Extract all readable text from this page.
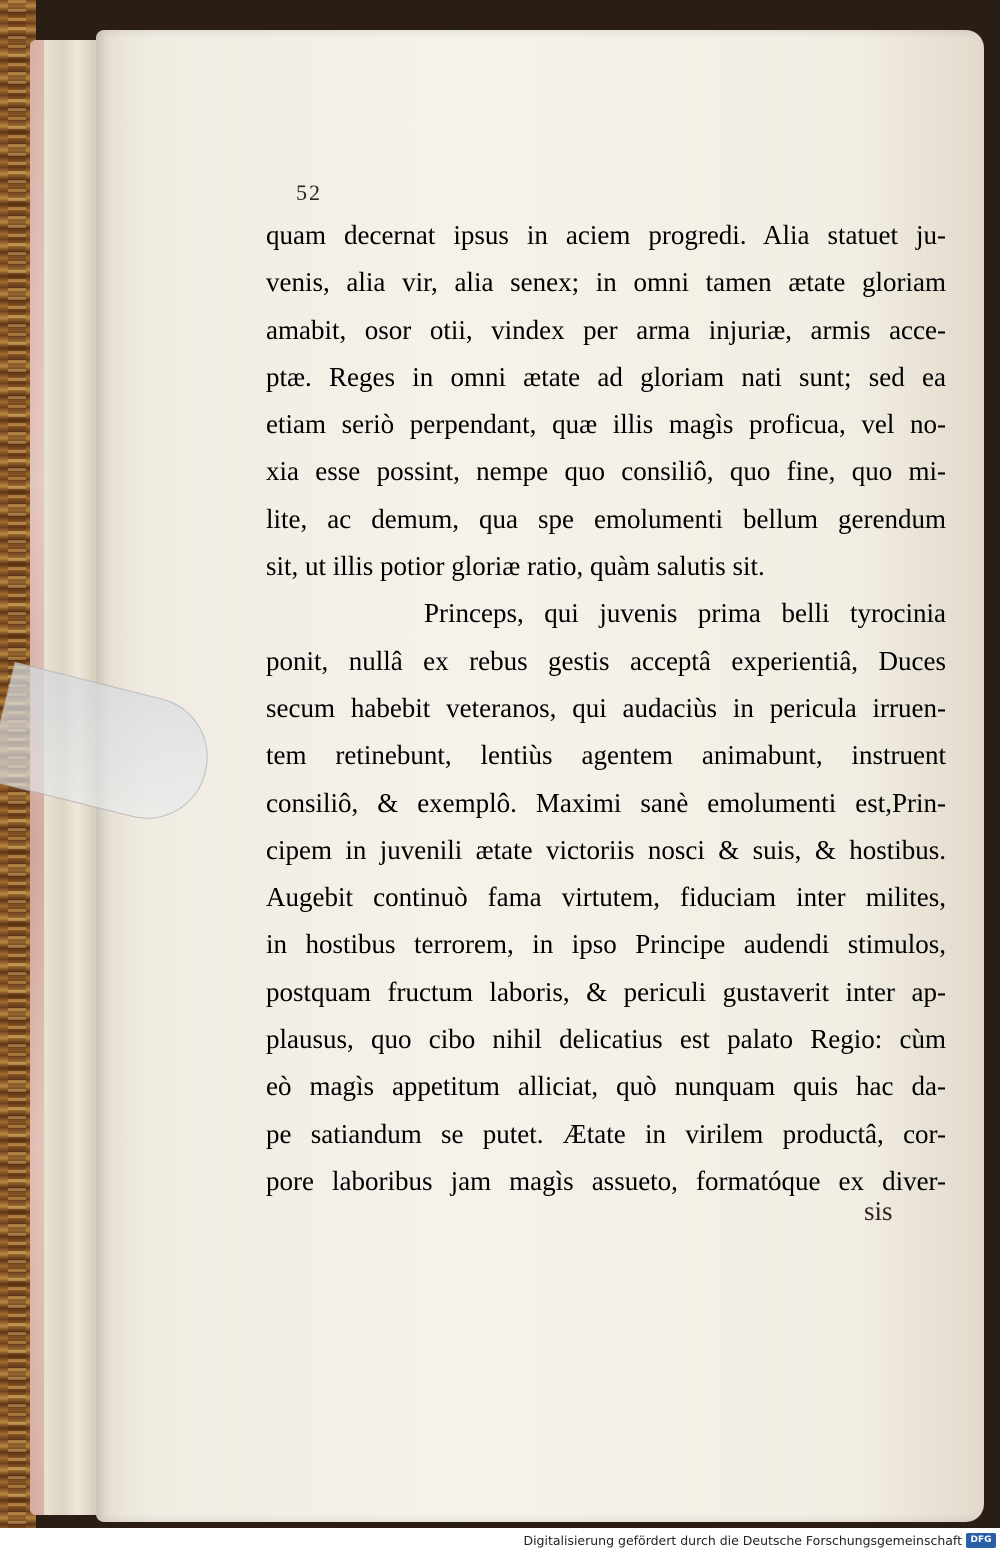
52
quam decernat ipsus in aciem progredi. Alia statuet ju-
venis, alia vir, alia senex; in omni tamen ætate gloriam
amabit, osor otii, vindex per arma injuriæ, armis acce-
ptæ. Reges in omni ætate ad gloriam nati sunt; sed ea
etiam seriò perpendant, quæ illis magìs proficua, vel no-
xia esse possint, nempe quo consiliô, quo fine, quo mi-
lite, ac demum, qua spe emolumenti bellum gerendum
sit, ut illis potior gloriæ ratio, quàm salutis sit.
Princeps, qui juvenis prima belli tyrocinia
ponit, nullâ ex rebus gestis acceptâ experientiâ, Duces
secum habebit veteranos, qui audaciùs in pericula irruen-
tem retinebunt, lentiùs agentem animabunt, instruent
consiliô, & exemplô. Maximi sanè emolumenti est,Prin-
cipem in juvenili ætate victoriis nosci & suis, & hostibus.
Augebit continuò fama virtutem, fiduciam inter milites,
in hostibus terrorem, in ipso Principe audendi stimulos,
postquam fructum laboris, & periculi gustaverit inter ap-
plausus, quo cibo nihil delicatius est palato Regio: cùm
eò magìs appetitum alliciat, quò nunquam quis hac da-
pe satiandum se putet. Ætate in virilem productâ, cor-
pore laboribus jam magìs assueto, formatóque ex diver-
sis
Digitalisierung gefördert durch die Deutsche Forschungsgemeinschaft DFG
